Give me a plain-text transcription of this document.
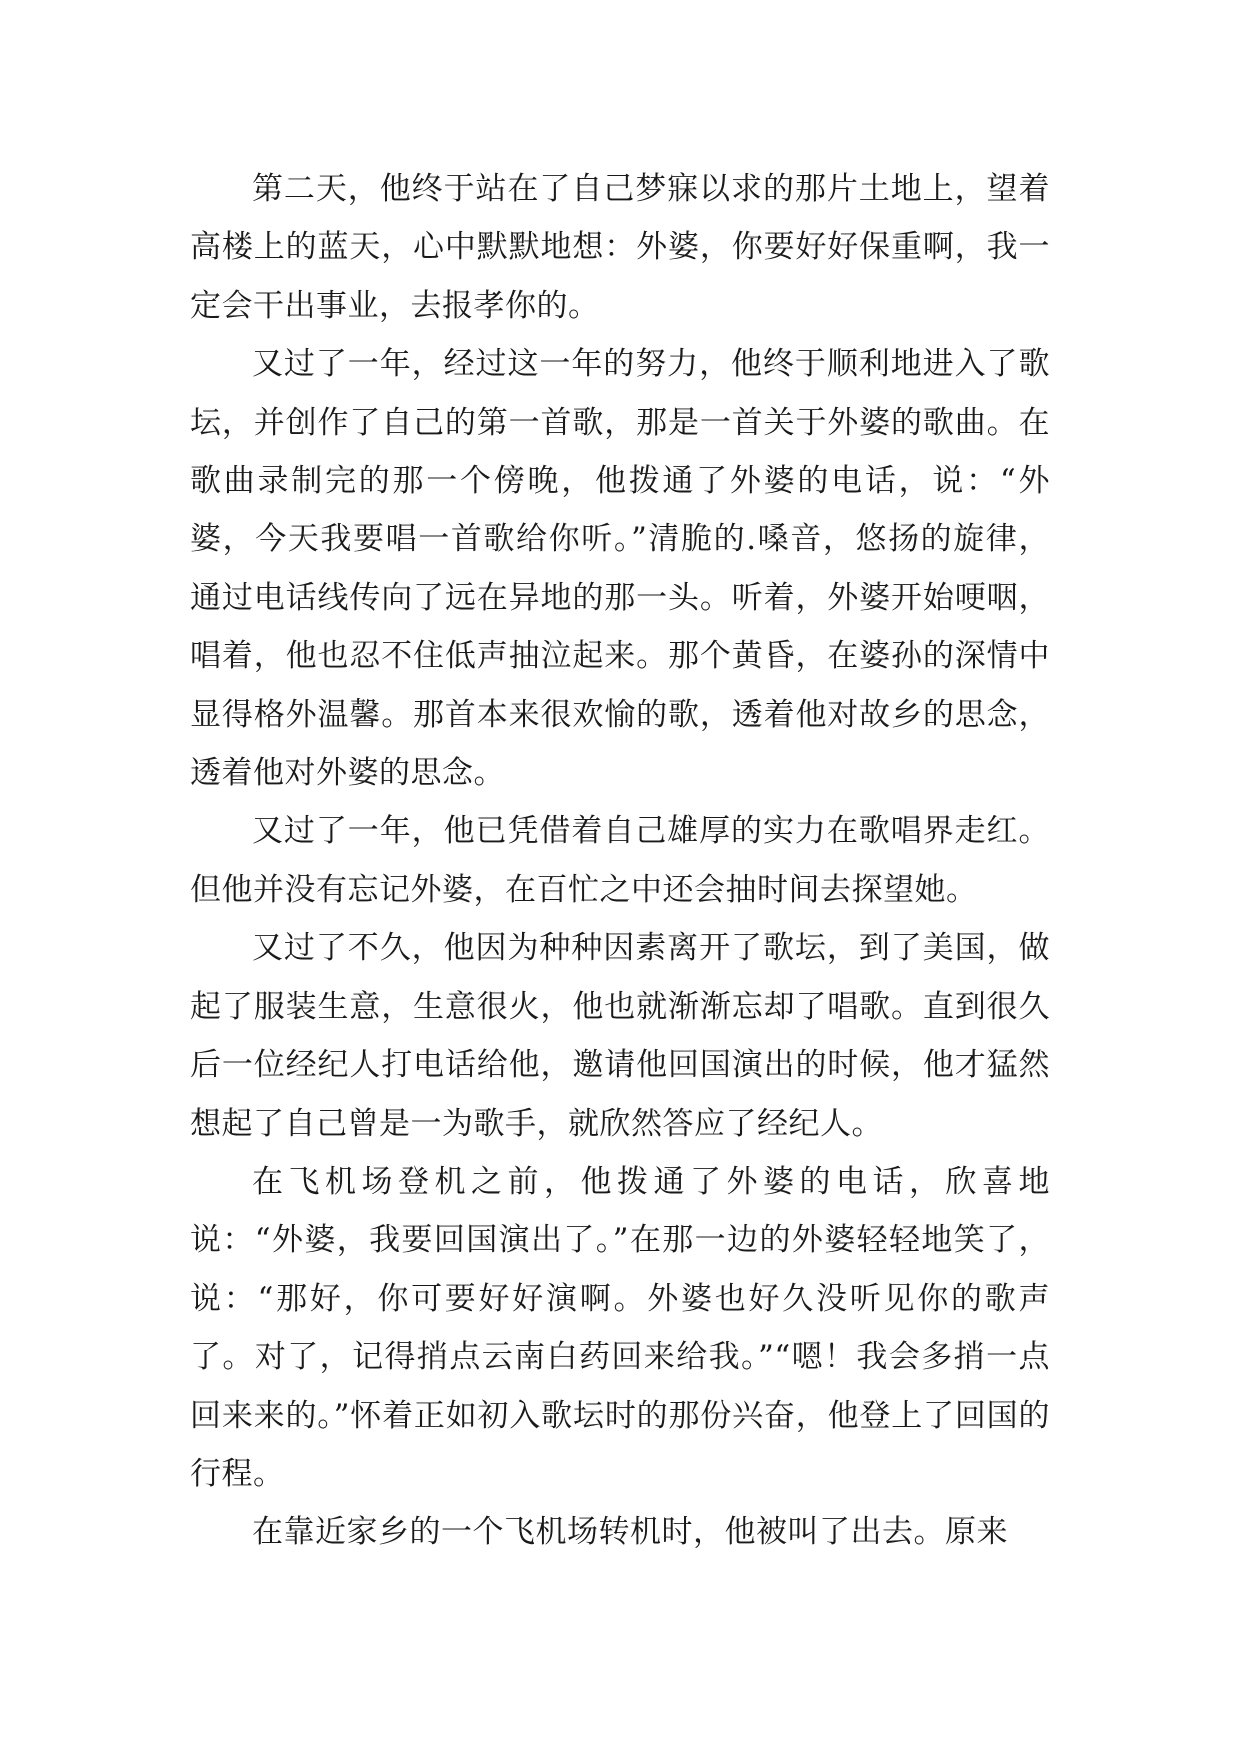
第二天，他终于站在了自己梦寐以求的那片土地上，望着高楼上的蓝天，心中默默地想：外婆，你要好好保重啊，我一定会干出事业，去报孝你的。

又过了一年，经过这一年的努力，他终于顺利地进入了歌坛，并创作了自己的第一首歌，那是一首关于外婆的歌曲。在歌曲录制完的那一个傍晚，他拨通了外婆的电话，说：“外婆，今天我要唱一首歌给你听。”清脆的.嗓音，悠扬的旋律，通过电话线传向了远在异地的那一头。听着，外婆开始哽咽，唱着，他也忍不住低声抽泣起来。那个黄昏，在婆孙的深情中显得格外温馨。那首本来很欢愉的歌，透着他对故乡的思念，透着他对外婆的思念。

又过了一年，他已凭借着自己雄厚的实力在歌唱界走红。但他并没有忘记外婆，在百忙之中还会抽时间去探望她。

又过了不久，他因为种种因素离开了歌坛，到了美国，做起了服装生意，生意很火，他也就渐渐忘却了唱歌。直到很久后一位经纪人打电话给他，邀请他回国演出的时候，他才猛然想起了自己曾是一为歌手，就欣然答应了经纪人。

在飞机场登机之前，他拨通了外婆的电话，欣喜地说：“外婆，我要回国演出了。”在那一边的外婆轻轻地笑了，说：“那好，你可要好好演啊。外婆也好久没听见你的歌声了。对了，记得捎点云南白药回来给我。”“嗯！我会多捎一点回来来的。”怀着正如初入歌坛时的那份兴奋，他登上了回国的行程。

在靠近家乡的一个飞机场转机时，他被叫了出去。原来
